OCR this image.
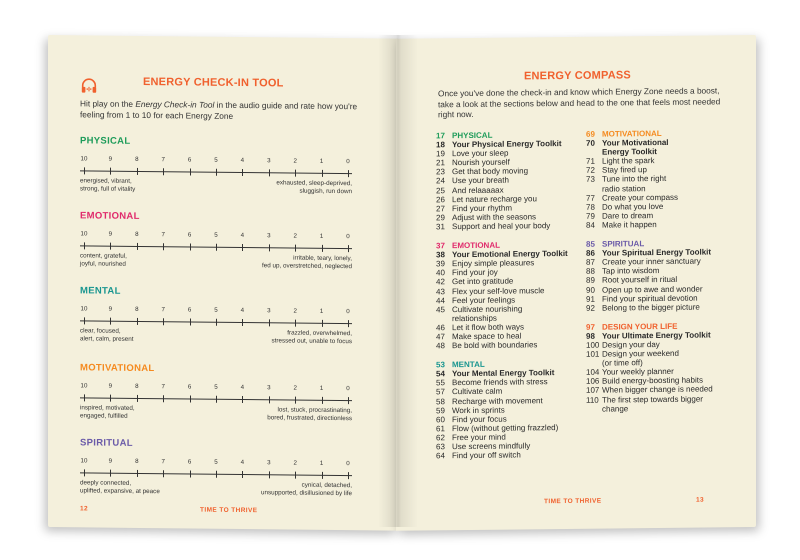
ENERGY CHECK-IN TOOL
Hit play on the Energy Check-in Tool in the audio guide and rate how you're feeling from 1 to 10 for each Energy Zone
PHYSICAL
10	9	8	7	6	5	4	3	2	1	0
energised, vibrant,
strong, full of vitality
exhausted, sleep-deprived,
sluggish, run down
EMOTIONAL
10	9	8	7	6	5	4	3	2	1	0
content, grateful,
joyful, nourished
irritable, teary, lonely,
fed up, overstretched, neglected
MENTAL
10	9	8	7	6	5	4	3	2	1	0
clear, focused,
alert, calm, present
frazzled, overwhelmed,
stressed out, unable to focus
MOTIVATIONAL
10	9	8	7	6	5	4	3	2	1	0
inspired, motivated,
engaged, fulfilled
lost, stuck, procrastinating,
bored, frustrated, directionless
SPIRITUAL
10	9	8	7	6	5	4	3	2	1	0
deeply connected,
uplifted, expansive, at peace
cynical, detached,
unsupported, disillusioned by life
12	TIME TO THRIVE
ENERGY COMPASS
Once you've done the check-in and know which Energy Zone needs a boost, take a look at the sections below and head to the one that feels most needed right now.
17 PHYSICAL
18 Your Physical Energy Toolkit
19 Love your sleep
21 Nourish yourself
23 Get that body moving
24 Use your breath
25 And relaaaaax
26 Let nature recharge you
27 Find your rhythm
29 Adjust with the seasons
31 Support and heal your body
37 EMOTIONAL
38 Your Emotional Energy Toolkit
39 Enjoy simple pleasures
40 Find your joy
42 Get into gratitude
43 Flex your self-love muscle
44 Feel your feelings
45 Cultivate nourishing
relationships
46 Let it flow both ways
47 Make space to heal
48 Be bold with boundaries
53 MENTAL
54 Your Mental Energy Toolkit
55 Become friends with stress
57 Cultivate calm
58 Recharge with movement
59 Work in sprints
60 Find your focus
61 Flow (without getting frazzled)
62 Free your mind
63 Use screens mindfully
64 Find your off switch
69 MOTIVATIONAL
70 Your Motivational
Energy Toolkit
71 Light the spark
72 Stay fired up
73 Tune into the right
radio station
77 Create your compass
78 Do what you love
79 Dare to dream
84 Make it happen
85 SPIRITUAL
86 Your Spiritual Energy Toolkit
87 Create your inner sanctuary
88 Tap into wisdom
89 Root yourself in ritual
90 Open up to awe and wonder
91 Find your spiritual devotion
92 Belong to the bigger picture
97 DESIGN YOUR LIFE
98 Your Ultimate Energy Toolkit
100 Design your day
101 Design your weekend
(or time off)
104 Your weekly planner
106 Build energy-boosting habits
107 When bigger change is needed
110 The first step towards bigger
change
TIME TO THRIVE	13
